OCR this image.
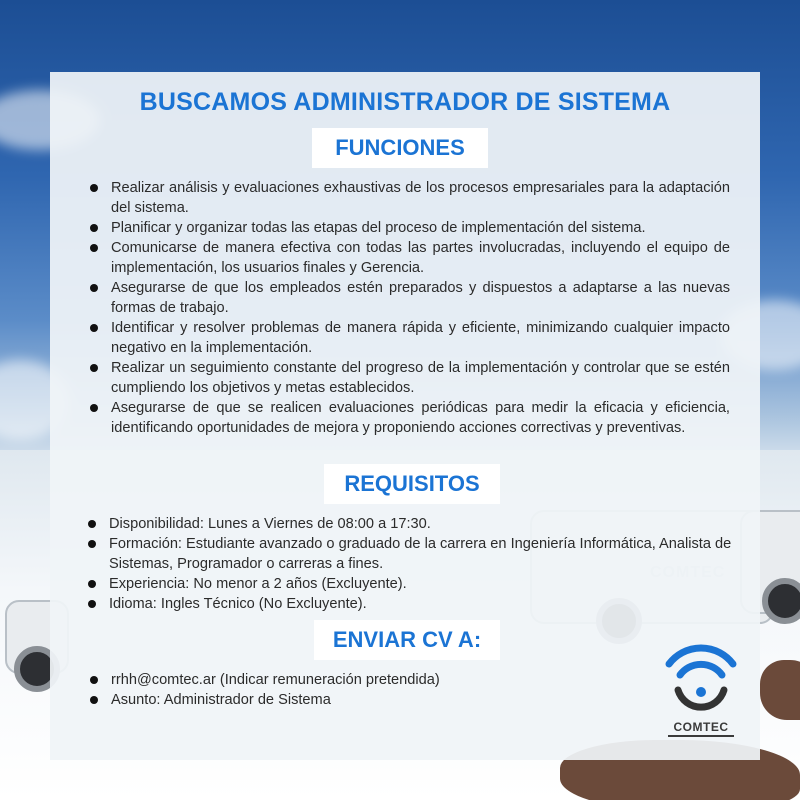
BUSCAMOS ADMINISTRADOR DE SISTEMA
FUNCIONES
Realizar análisis y evaluaciones exhaustivas de los procesos empresariales para la adaptación del sistema.
Planificar y organizar todas las etapas del proceso de implementación del sistema.
Comunicarse de manera efectiva con todas las partes involucradas, incluyendo el equipo de implementación, los usuarios finales y Gerencia.
Asegurarse de que los empleados estén preparados y dispuestos a adaptarse a las nuevas formas de trabajo.
Identificar y resolver problemas de manera rápida y eficiente, minimizando cualquier impacto negativo en la implementación.
Realizar un seguimiento constante del progreso de la implementación y controlar que se estén cumpliendo los objetivos y metas establecidos.
Asegurarse de que se realicen evaluaciones periódicas para medir la eficacia y eficiencia, identificando oportunidades de mejora y proponiendo acciones correctivas y preventivas.
REQUISITOS
Disponibilidad: Lunes a Viernes de 08:00 a 17:30.
Formación: Estudiante avanzado o graduado de la carrera en Ingeniería Informática, Analista de Sistemas, Programador o carreras a fines.
Experiencia: No menor a 2 años (Excluyente).
Idioma: Ingles Técnico (No Excluyente).
ENVIAR CV A:
rrhh@comtec.ar (Indicar remuneración pretendida)
Asunto: Administrador de Sistema
COMTEC
